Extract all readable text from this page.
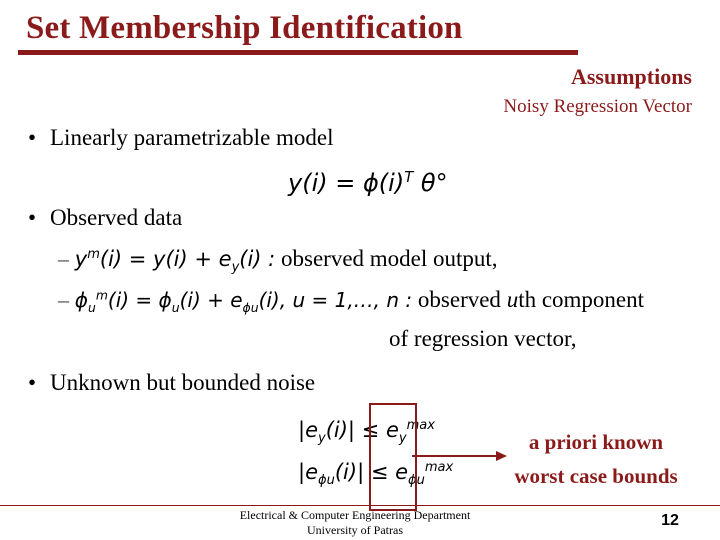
Set Membership Identification
Assumptions
Noisy Regression Vector
• Linearly parametrizable model
$y(i) = \phi(i)^T$ θ°
• Observed data
– $y^m(i) = y(i) + e_y(i)$ : observed model output,
– $\phi_u^m(i) = \phi_u(i) + e_{\phi u}(i)$, u = 1,…, n : observed uth component
of regression vector,
• Unknown but bounded noise
$|e_y(i)| \le e_y^{max}$
$|e_{\phi u}(i)| \le e_{\phi u}^{max}$
a priori known
worst case bounds
Electrical & Computer Engineering Department
University of Patras
12
